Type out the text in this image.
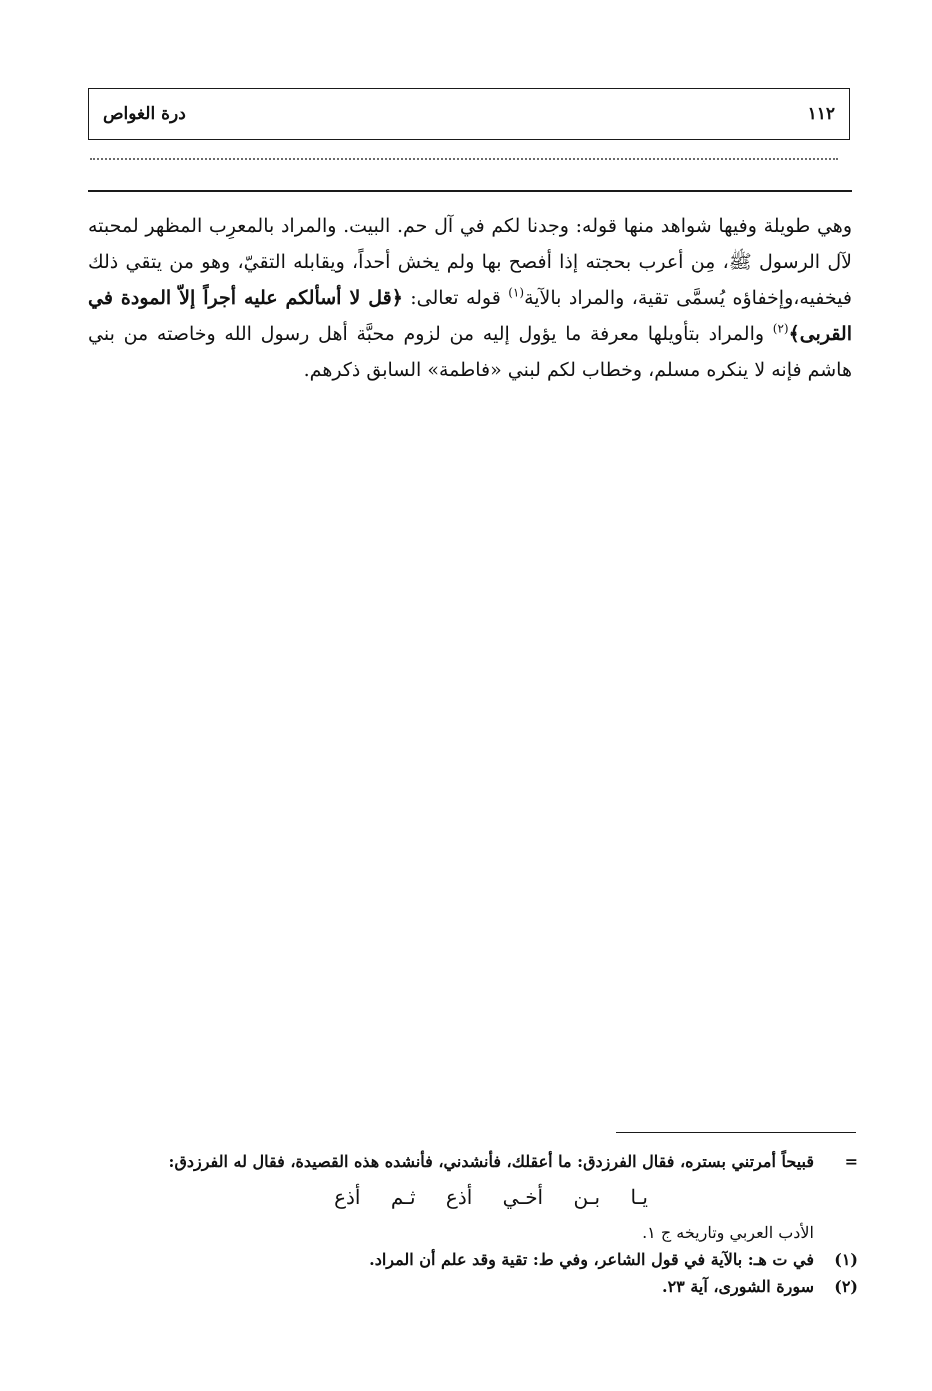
درة الغواص	١١٢

وهي طويلة وفيها شواهد منها قوله: وجدنا لكم في آل حم. البيت. والمراد بالمعرِب المظهر لمحبته لآل الرسول ﷺ، مِن أعرب بحجته إذا أفصح بها ولم يخش أحداً، ويقابله التقيّ، وهو من يتقي ذلك فيخفيه،وإخفاؤه يُسمَّى تقية، والمراد بالآية$^{(١)}$ قوله تعالى: ﴿قل لا أسألكم عليه أجراً إلاّ المودة في القربى﴾$^{(٢)}$ والمراد بتأويلها معرفة ما يؤول إليه من لزوم محبَّة أهل رسول الله وخاصته من بني هاشم فإنه لا ينكره مسلم، وخطاب لكم لبني «فاطمة» السابق ذكرهم.

=
قبيحاً أمرتني بستره، فقال الفرزدق: ما أعقلك، فأنشدني، فأنشده هذه القصيدة، فقال له الفرزدق:
يـا بـن أخـي أذع ثـم أذع
الأدب العربي وتاريخه ج ١.
(١)
في ت هـ: بالآية في قول الشاعر، وفي ط: تقية وقد علم أن المراد.
(٢)
سورة الشورى، آية ٢٣.
